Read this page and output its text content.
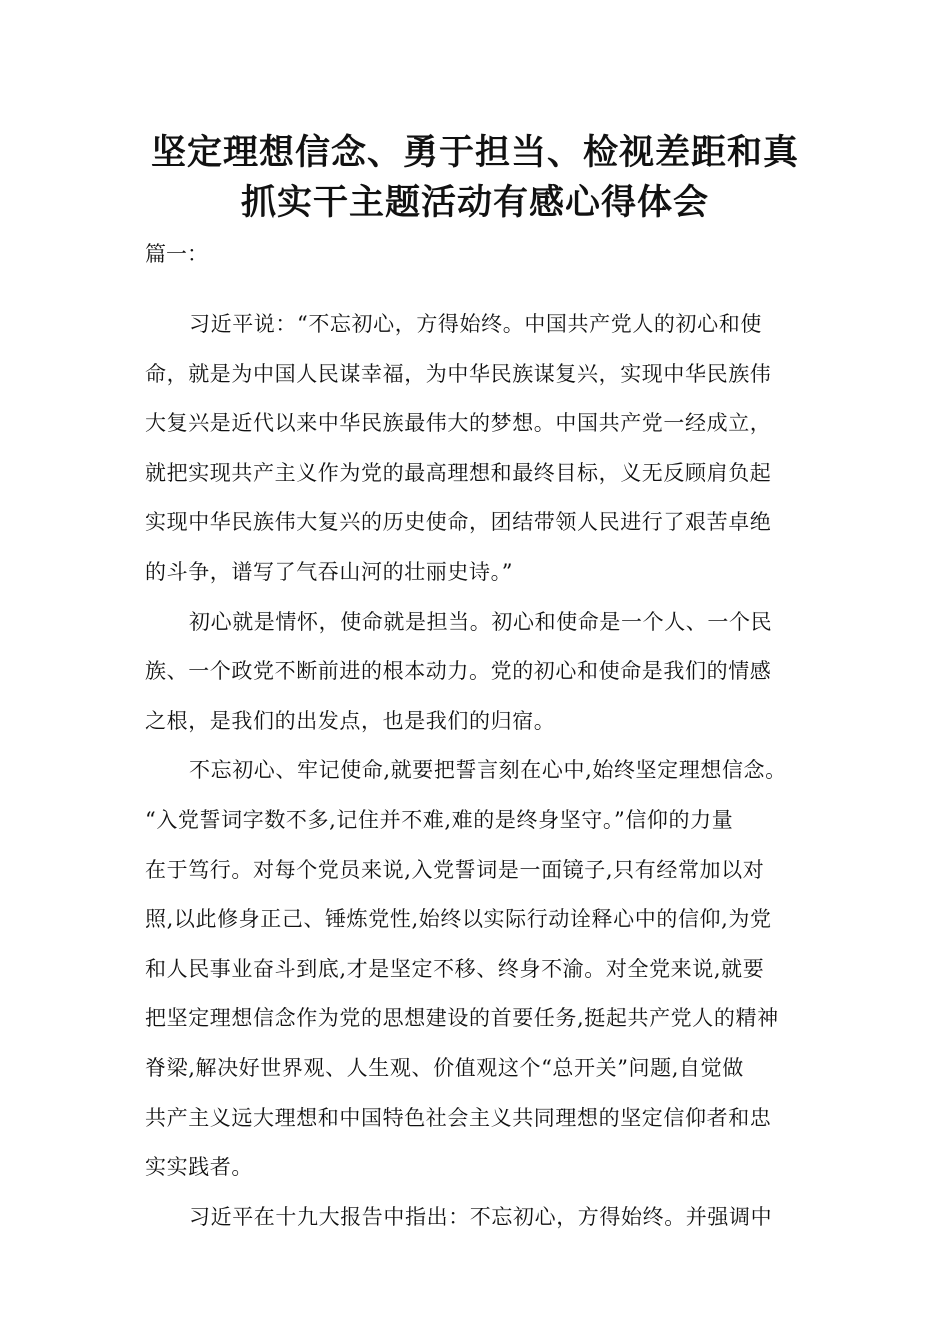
坚定理想信念、勇于担当、检视差距和真
抓实干主题活动有感心得体会

篇一：

习近平说：“不忘初心，方得始终。中国共产党人的初心和使
命，就是为中国人民谋幸福，为中华民族谋复兴，实现中华民族伟
大复兴是近代以来中华民族最伟大的梦想。中国共产党一经成立，
就把实现共产主义作为党的最高理想和最终目标，义无反顾肩负起
实现中华民族伟大复兴的历史使命，团结带领人民进行了艰苦卓绝
的斗争，谱写了气吞山河的壮丽史诗。”

初心就是情怀，使命就是担当。初心和使命是一个人、一个民
族、一个政党不断前进的根本动力。党的初心和使命是我们的情感
之根，是我们的出发点，也是我们的归宿。

不忘初心、牢记使命,就要把誓言刻在心中,始终坚定理想信念。
“入党誓词字数不多,记住并不难,难的是终身坚守。”信仰的力量
在于笃行。对每个党员来说,入党誓词是一面镜子,只有经常加以对
照,以此修身正己、锤炼党性,始终以实际行动诠释心中的信仰,为党
和人民事业奋斗到底,才是坚定不移、终身不渝。对全党来说,就要
把坚定理想信念作为党的思想建设的首要任务,挺起共产党人的精神
脊梁,解决好世界观、人生观、价值观这个“总开关”问题,自觉做
共产主义远大理想和中国特色社会主义共同理想的坚定信仰者和忠
实实践者。

习近平在十九大报告中指出：不忘初心，方得始终。并强调中
